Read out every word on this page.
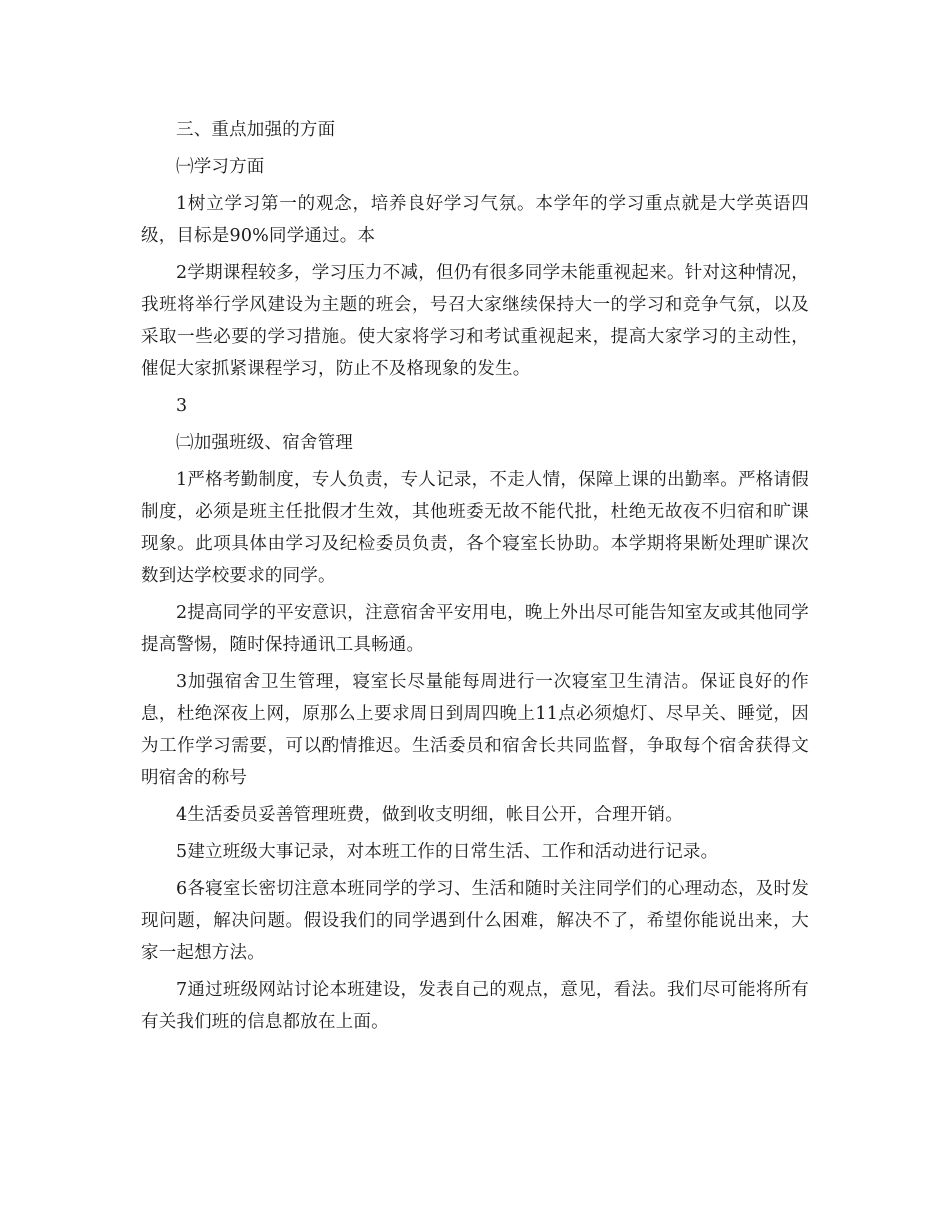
三、重点加强的方面

㈠学习方面

1树立学习第一的观念，培养良好学习气氛。本学年的学习重点就是大学英语四级，目标是90%同学通过。本

2学期课程较多，学习压力不减，但仍有很多同学未能重视起来。针对这种情况，我班将举行学风建设为主题的班会，号召大家继续保持大一的学习和竞争气氛，以及采取一些必要的学习措施。使大家将学习和考试重视起来，提高大家学习的主动性，催促大家抓紧课程学习，防止不及格现象的发生。

3

㈡加强班级、宿舍管理

1严格考勤制度，专人负责，专人记录，不走人情，保障上课的出勤率。严格请假制度，必须是班主任批假才生效，其他班委无故不能代批，杜绝无故夜不归宿和旷课现象。此项具体由学习及纪检委员负责，各个寝室长协助。本学期将果断处理旷课次数到达学校要求的同学。

2提高同学的平安意识，注意宿舍平安用电，晚上外出尽可能告知室友或其他同学提高警惕，随时保持通讯工具畅通。

3加强宿舍卫生管理，寝室长尽量能每周进行一次寝室卫生清洁。保证良好的作息，杜绝深夜上网，原那么上要求周日到周四晚上11点必须熄灯、尽早关、睡觉，因为工作学习需要，可以酌情推迟。生活委员和宿舍长共同监督，争取每个宿舍获得文明宿舍的称号

4生活委员妥善管理班费，做到收支明细，帐目公开，合理开销。

5建立班级大事记录，对本班工作的日常生活、工作和活动进行记录。

6各寝室长密切注意本班同学的学习、生活和随时关注同学们的心理动态，及时发现问题，解决问题。假设我们的同学遇到什么困难，解决不了，希望你能说出来，大家一起想方法。

7通过班级网站讨论本班建设，发表自己的观点，意见，看法。我们尽可能将所有有关我们班的信息都放在上面。
